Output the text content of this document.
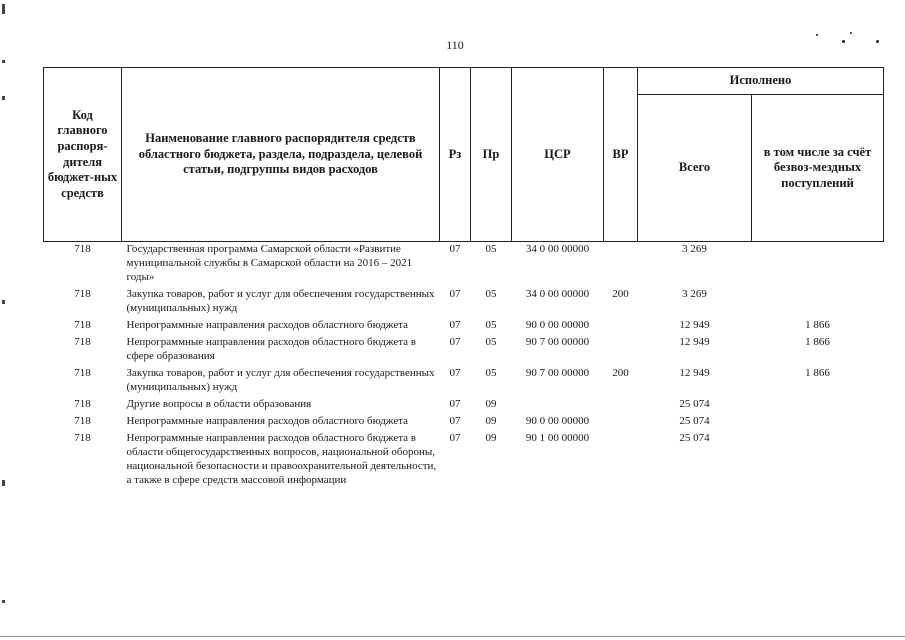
110
Код главного распоря-дителя бюджет-ных средств	Наименование главного распорядителя средств областного бюджета, раздела, подраздела, целевой статьи, подгруппы видов расходов	Рз	Пр	ЦСР	ВР	Исполнено	
						Всего	в том числе за счёт безвоз-мездных поступлений
718	Государственная программа Самарской области «Развитие муниципальной службы в Самарской области на 2016 – 2021 годы»	07	05	34 0 00 00000		3 269	
718	Закупка товаров, работ и услуг для обеспечения государственных (муниципальных) нужд	07	05	34 0 00 00000	200	3 269	
718	Непрограммные направления расходов областного бюджета	07	05	90 0 00 00000		12 949	1 866
718	Непрограммные направления расходов областного бюджета в сфере образования	07	05	90 7 00 00000		12 949	1 866
718	Закупка товаров, работ и услуг для обеспечения государственных (муниципальных) нужд	07	05	90 7 00 00000	200	12 949	1 866
718	Другие вопросы в области образования	07	09			25 074	
718	Непрограммные направления расходов областного бюджета	07	09	90 0 00 00000		25 074	
718	Непрограммные направления расходов областного бюджета в области общегосударственных вопросов, национальной обороны, национальной безопасности и правоохранительной деятельности, а также в сфере средств массовой информации	07	09	90 1 00 00000		25 074	
